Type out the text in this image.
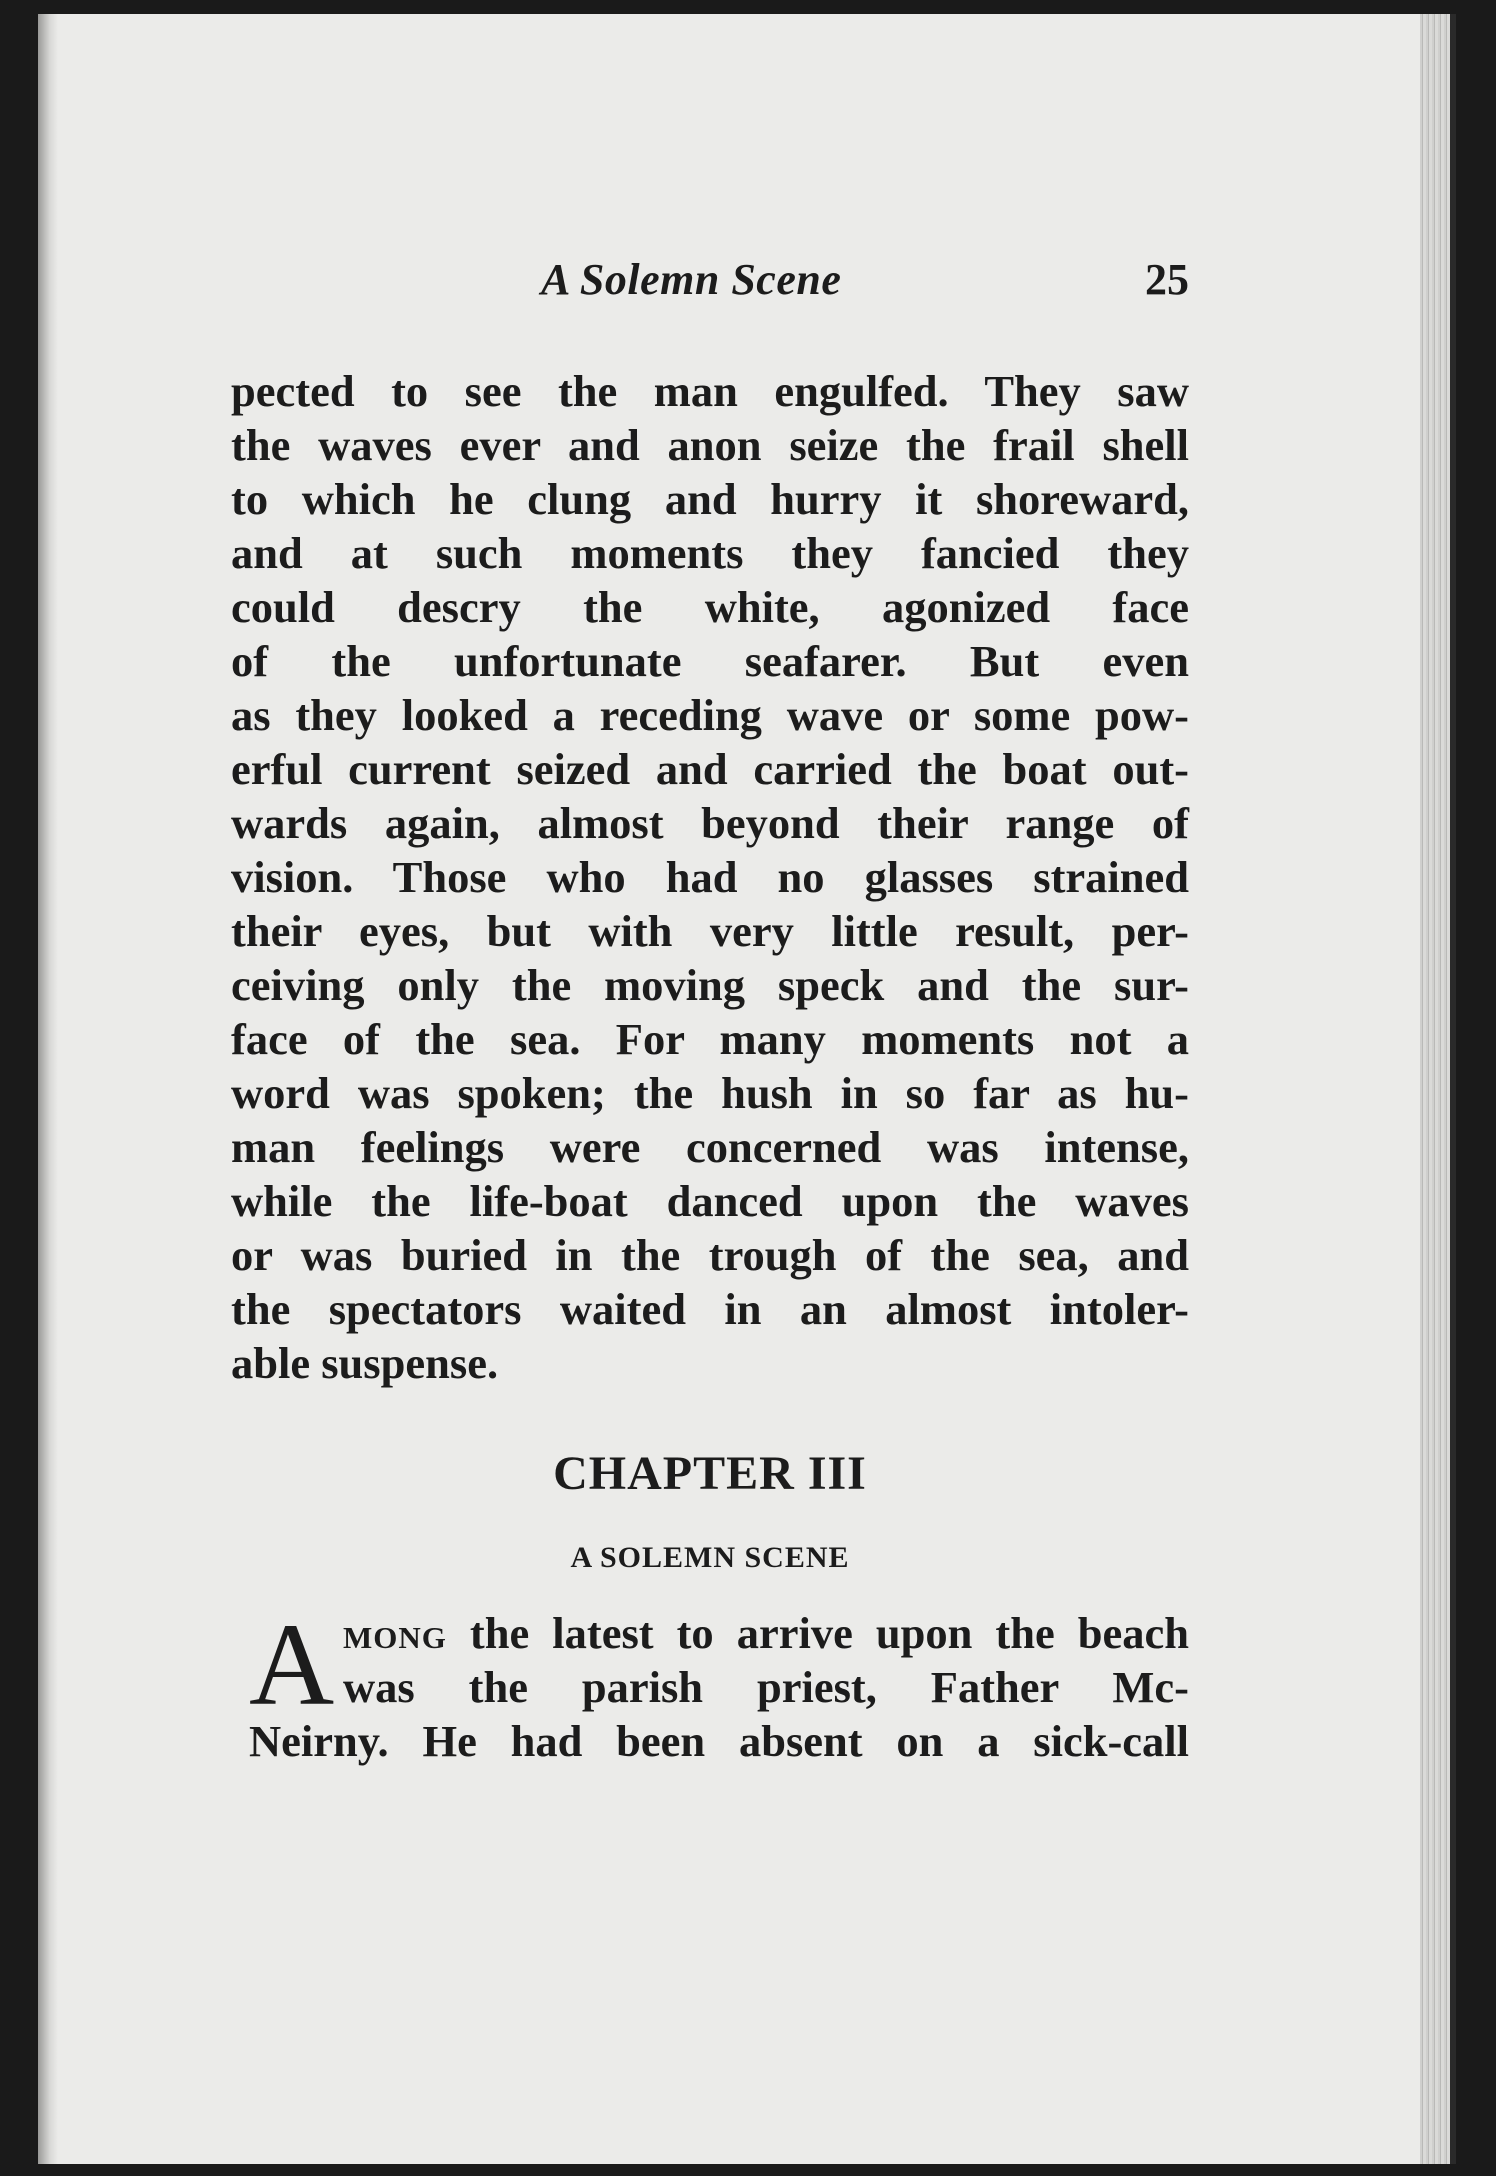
A Solemn Scene	25
pected to see the man engulfed. They saw
the waves ever and anon seize the frail shell
to which he clung and hurry it shoreward,
and at such moments they fancied they
could descry the white, agonized face
of the unfortunate seafarer. But even
as they looked a receding wave or some pow-
erful current seized and carried the boat out-
wards again, almost beyond their range of
vision. Those who had no glasses strained
their eyes, but with very little result, per-
ceiving only the moving speck and the sur-
face of the sea. For many moments not a
word was spoken; the hush in so far as hu-
man feelings were concerned was intense,
while the life-boat danced upon the waves
or was buried in the trough of the sea, and
the spectators waited in an almost intoler-
able suspense.
CHAPTER III
A SOLEMN SCENE
A mong the latest to arrive upon the beach
was the parish priest, Father Mc-
Neirny. He had been absent on a sick-call
